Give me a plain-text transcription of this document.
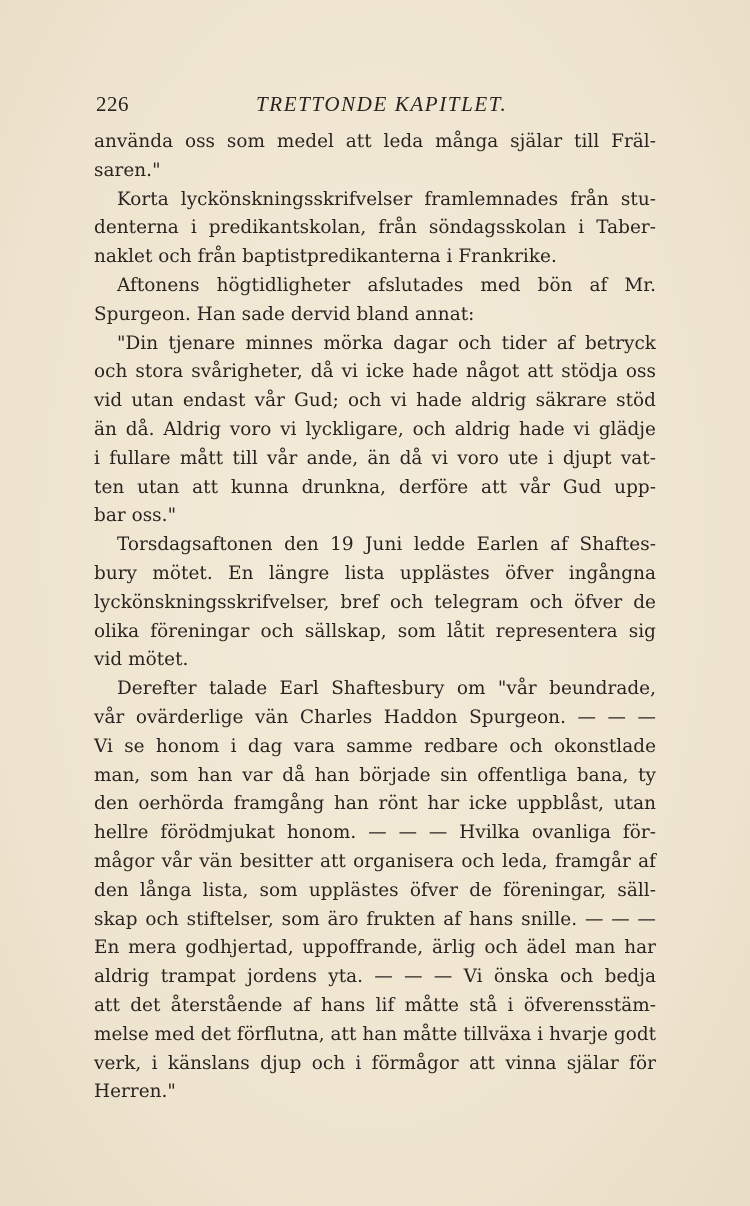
226	TRETTONDE KAPITLET.
använda oss som medel att leda många själar till Fräl-
saren."
Korta lyckönskningsskrifvelser framlemnades från stu-
denterna i predikantskolan, från söndagsskolan i Taber-
naklet och från baptistpredikanterna i Frankrike.
Aftonens högtidligheter afslutades med bön af Mr.
Spurgeon. Han sade dervid bland annat:
"Din tjenare minnes mörka dagar och tider af betryck
och stora svårigheter, då vi icke hade något att stödja oss
vid utan endast vår Gud; och vi hade aldrig säkrare stöd
än då. Aldrig voro vi lyckligare, och aldrig hade vi glädje
i fullare mått till vår ande, än då vi voro ute i djupt vat-
ten utan att kunna drunkna, derföre att vår Gud upp-
bar oss."
Torsdagsaftonen den 19 Juni ledde Earlen af Shaftes-
bury mötet. En längre lista upplästes öfver ingångna
lyckönskningsskrifvelser, bref och telegram och öfver de
olika föreningar och sällskap, som låtit representera sig
vid mötet.
Derefter talade Earl Shaftesbury om "vår beundrade,
vår ovärderlige vän Charles Haddon Spurgeon. — — —
Vi se honom i dag vara samme redbare och okonstlade
man, som han var då han började sin offentliga bana, ty
den oerhörda framgång han rönt har icke uppblåst, utan
hellre förödmjukat honom. — — — Hvilka ovanliga för-
mågor vår vän besitter att organisera och leda, framgår af
den långa lista, som upplästes öfver de föreningar, säll-
skap och stiftelser, som äro frukten af hans snille. — — —
En mera godhjertad, uppoffrande, ärlig och ädel man har
aldrig trampat jordens yta. — — — Vi önska och bedja
att det återstående af hans lif måtte stå i öfverensstäm-
melse med det förflutna, att han måtte tillväxa i hvarje godt
verk, i känslans djup och i förmågor att vinna själar för
Herren."
